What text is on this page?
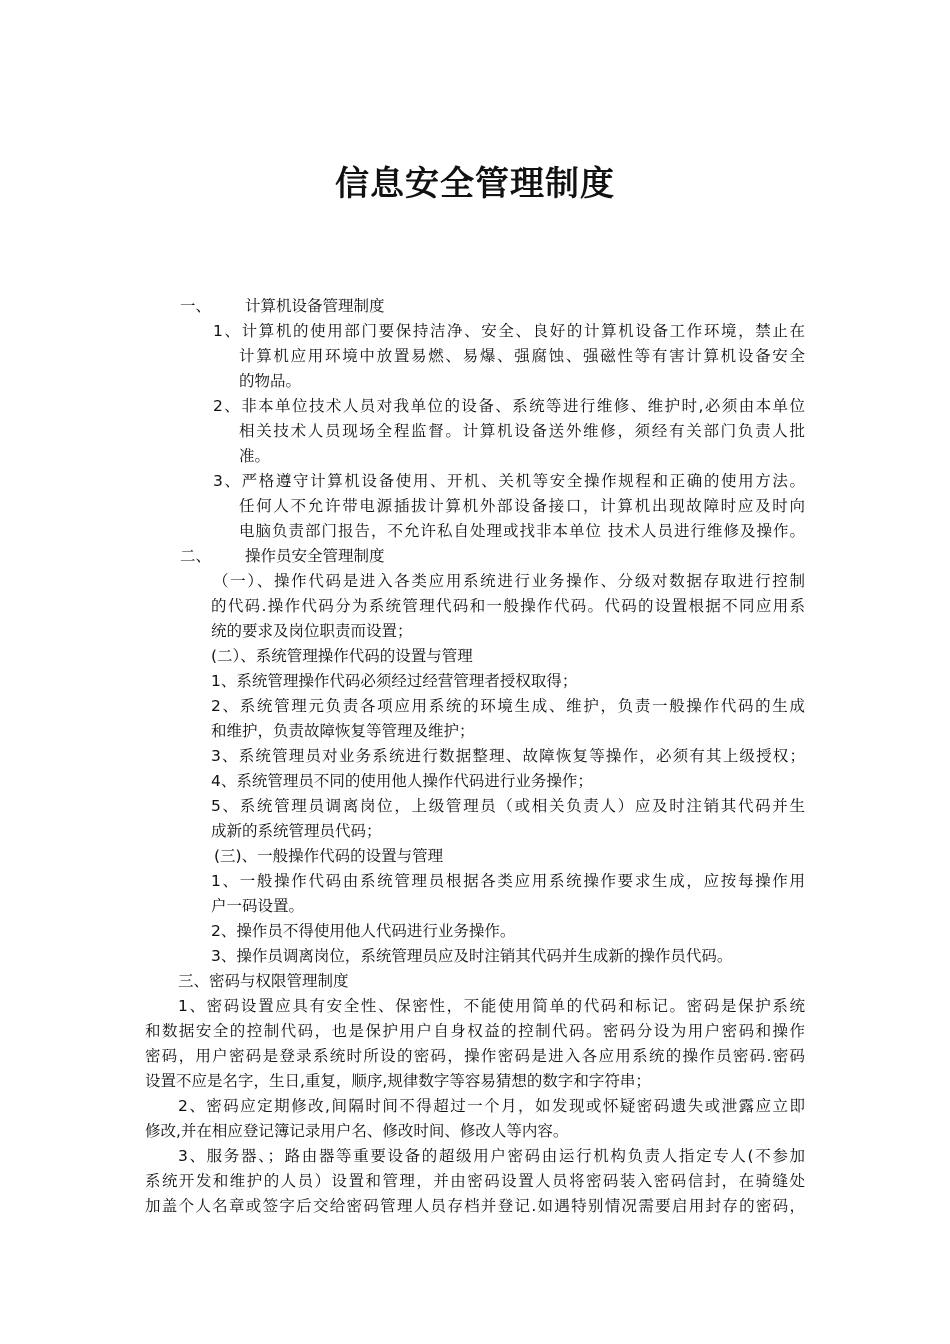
信息安全管理制度
一、 计算机设备管理制度
1、计算机的使用部门要保持洁净、安全、良好的计算机设备工作环境，禁止在
计算机应用环境中放置易燃、易爆、强腐蚀、强磁性等有害计算机设备安全
的物品。
2、非本单位技术人员对我单位的设备、系统等进行维修、维护时,必须由本单位
相关技术人员现场全程监督。计算机设备送外维修，须经有关部门负责人批
准。
3、严格遵守计算机设备使用、开机、关机等安全操作规程和正确的使用方法。
任何人不允许带电源插拔计算机外部设备接口，计算机出现故障时应及时向
电脑负责部门报告，不允许私自处理或找非本单位 技术人员进行维修及操作。
二、 操作员安全管理制度
（一）、操作代码是进入各类应用系统进行业务操作、分级对数据存取进行控制
的代码.操作代码分为系统管理代码和一般操作代码。代码的设置根据不同应用系
统的要求及岗位职责而设置；
(二）、系统管理操作代码的设置与管理
1、系统管理操作代码必须经过经营管理者授权取得；
2、系统管理元负责各项应用系统的环境生成、维护，负责一般操作代码的生成
和维护，负责故障恢复等管理及维护；
3、系统管理员对业务系统进行数据整理、故障恢复等操作，必须有其上级授权；
4、系统管理员不同的使用他人操作代码进行业务操作；
5、系统管理员调离岗位，上级管理员（或相关负责人）应及时注销其代码并生
成新的系统管理员代码；
(三)、一般操作代码的设置与管理
1、一般操作代码由系统管理员根据各类应用系统操作要求生成，应按每操作用
户一码设置。
2、操作员不得使用他人代码进行业务操作。
3、操作员调离岗位，系统管理员应及时注销其代码并生成新的操作员代码。
三、密码与权限管理制度
1、密码设置应具有安全性、保密性，不能使用简单的代码和标记。密码是保护系统
和数据安全的控制代码，也是保护用户自身权益的控制代码。密码分设为用户密码和操作
密码，用户密码是登录系统时所设的密码，操作密码是进入各应用系统的操作员密码.密码
设置不应是名字，生日,重复，顺序,规律数字等容易猜想的数字和字符串；
2、密码应定期修改,间隔时间不得超过一个月，如发现或怀疑密码遗失或泄露应立即
修改,并在相应登记簿记录用户名、修改时间、修改人等内容。
3、服务器、；路由器等重要设备的超级用户密码由运行机构负责人指定专人(不参加
系统开发和维护的人员）设置和管理，并由密码设置人员将密码装入密码信封，在骑缝处
加盖个人名章或签字后交给密码管理人员存档并登记.如遇特别情况需要启用封存的密码，
